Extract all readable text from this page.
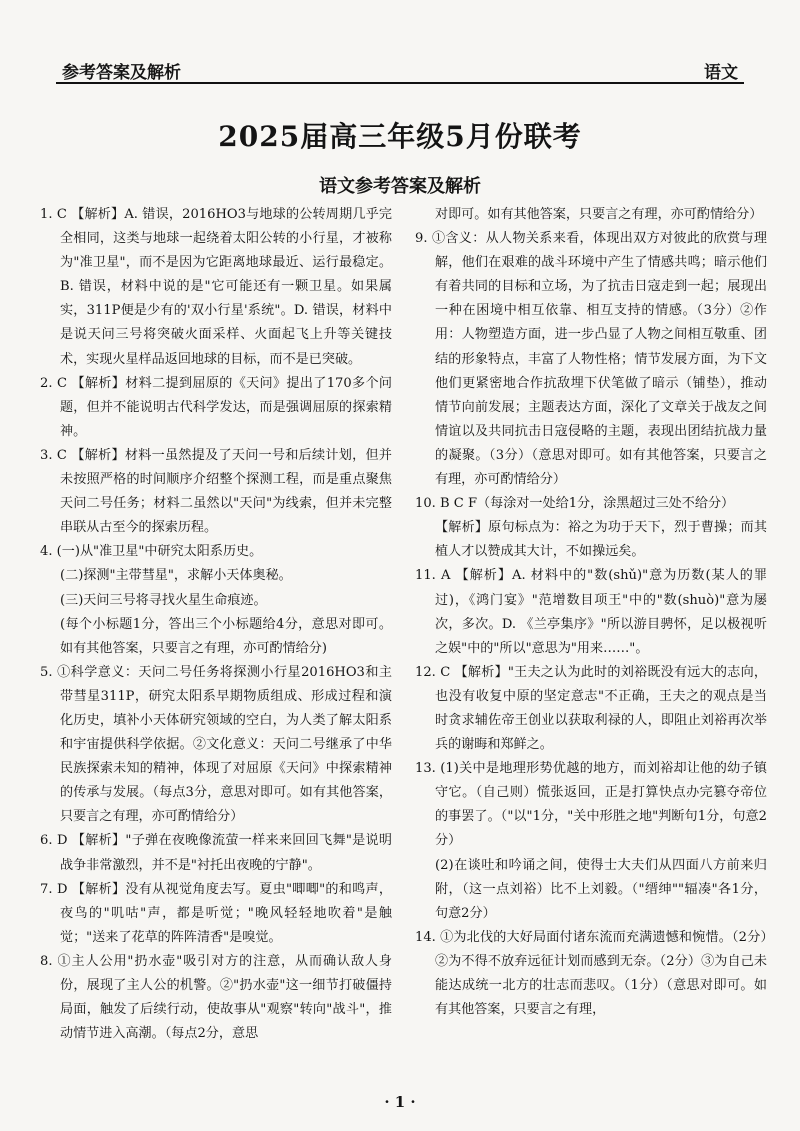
参考答案及解析	语文
2025届高三年级5月份联考
语文参考答案及解析

1. C 【解析】A. 错误，2016HO3与地球的公转周期几乎完全相同，这类与地球一起绕着太阳公转的小行星，才被称为"准卫星"，而不是因为它距离地球最近、运行最稳定。B. 错误，材料中说的是"它可能还有一颗卫星。如果属实，311P便是少有的'双小行星'系统"。D. 错误，材料中是说天问三号将突破火面采样、火面起飞上升等关键技术，实现火星样品返回地球的目标，而不是已突破。

2. C 【解析】材料二提到屈原的《天问》提出了170多个问题，但并不能说明古代科学发达，而是强调屈原的探索精神。

3. C 【解析】材料一虽然提及了天问一号和后续计划，但并未按照严格的时间顺序介绍整个探测工程，而是重点聚焦天问二号任务；材料二虽然以"天问"为线索，但并未完整串联从古至今的探索历程。

4. (一)从"准卫星"中研究太阳系历史。

(二)探测"主带彗星"，求解小天体奥秘。

(三)天问三号将寻找火星生命痕迹。

(每个小标题1分，答出三个小标题给4分，意思对即可。如有其他答案，只要言之有理，亦可酌情给分)

5. ①科学意义：天问二号任务将探测小行星2016HO3和主带彗星311P，研究太阳系早期物质组成、形成过程和演化历史，填补小天体研究领域的空白，为人类了解太阳系和宇宙提供科学依据。②文化意义：天问二号继承了中华民族探索未知的精神，体现了对屈原《天问》中探索精神的传承与发展。（每点3分，意思对即可。如有其他答案，只要言之有理，亦可酌情给分）

6. D 【解析】"子弹在夜晚像流萤一样来来回回飞舞"是说明战争非常激烈，并不是"衬托出夜晚的宁静"。

7. D 【解析】没有从视觉角度去写。夏虫"唧唧"的和鸣声，夜鸟的"叽咕"声，都是听觉；"晚风轻轻地吹着"是触觉；"送来了花草的阵阵清香"是嗅觉。

8. ①主人公用"扔水壶"吸引对方的注意，从而确认敌人身份，展现了主人公的机警。②"扔水壶"这一细节打破僵持局面，触发了后续行动，使故事从"观察"转向"战斗"，推动情节进入高潮。（每点2分，意思

对即可。如有其他答案，只要言之有理，亦可酌情给分）

9. ①含义：从人物关系来看，体现出双方对彼此的欣赏与理解，他们在艰难的战斗环境中产生了情感共鸣；暗示他们有着共同的目标和立场，为了抗击日寇走到一起；展现出一种在困境中相互依靠、相互支持的情感。（3分）②作用：人物塑造方面，进一步凸显了人物之间相互敬重、团结的形象特点，丰富了人物性格；情节发展方面，为下文他们更紧密地合作抗敌埋下伏笔做了暗示（铺垫），推动情节向前发展；主题表达方面，深化了文章关于战友之间情谊以及共同抗击日寇侵略的主题，表现出团结抗战力量的凝聚。（3分）（意思对即可。如有其他答案，只要言之有理，亦可酌情给分）

10. B C F（每涂对一处给1分，涂黑超过三处不给分）

【解析】原句标点为：裕之为功于天下，烈于曹操；而其植人才以赞成其大计，不如操远矣。

11. A 【解析】A. 材料中的"数(shǔ)"意为历数(某人的罪过)，《鸿门宴》"范增数目项王"中的"数(shuò)"意为屡次，多次。D. 《兰亭集序》"所以游目骋怀，足以极视听之娱"中的"所以"意思为"用来……"。

12. C 【解析】"王夫之认为此时的刘裕既没有远大的志向，也没有收复中原的坚定意志"不正确，王夫之的观点是当时贪求辅佐帝王创业以获取利禄的人，即阻止刘裕再次举兵的谢晦和郑鲜之。

13. (1)关中是地理形势优越的地方，而刘裕却让他的幼子镇守它。（自己则）慌张返回，正是打算快点办完篡夺帝位的事罢了。（"以"1分，"关中形胜之地"判断句1分，句意2分）

(2)在谈吐和吟诵之间，使得士大夫们从四面八方前来归附，（这一点刘裕）比不上刘毅。（"缙绅""辐凑"各1分，句意2分）

14. ①为北伐的大好局面付诸东流而充满遗憾和惋惜。（2分）②为不得不放弃远征计划而感到无奈。（2分）③为自己未能达成统一北方的壮志而悲叹。（1分）（意思对即可。如有其他答案，只要言之有理，

· 1 ·
